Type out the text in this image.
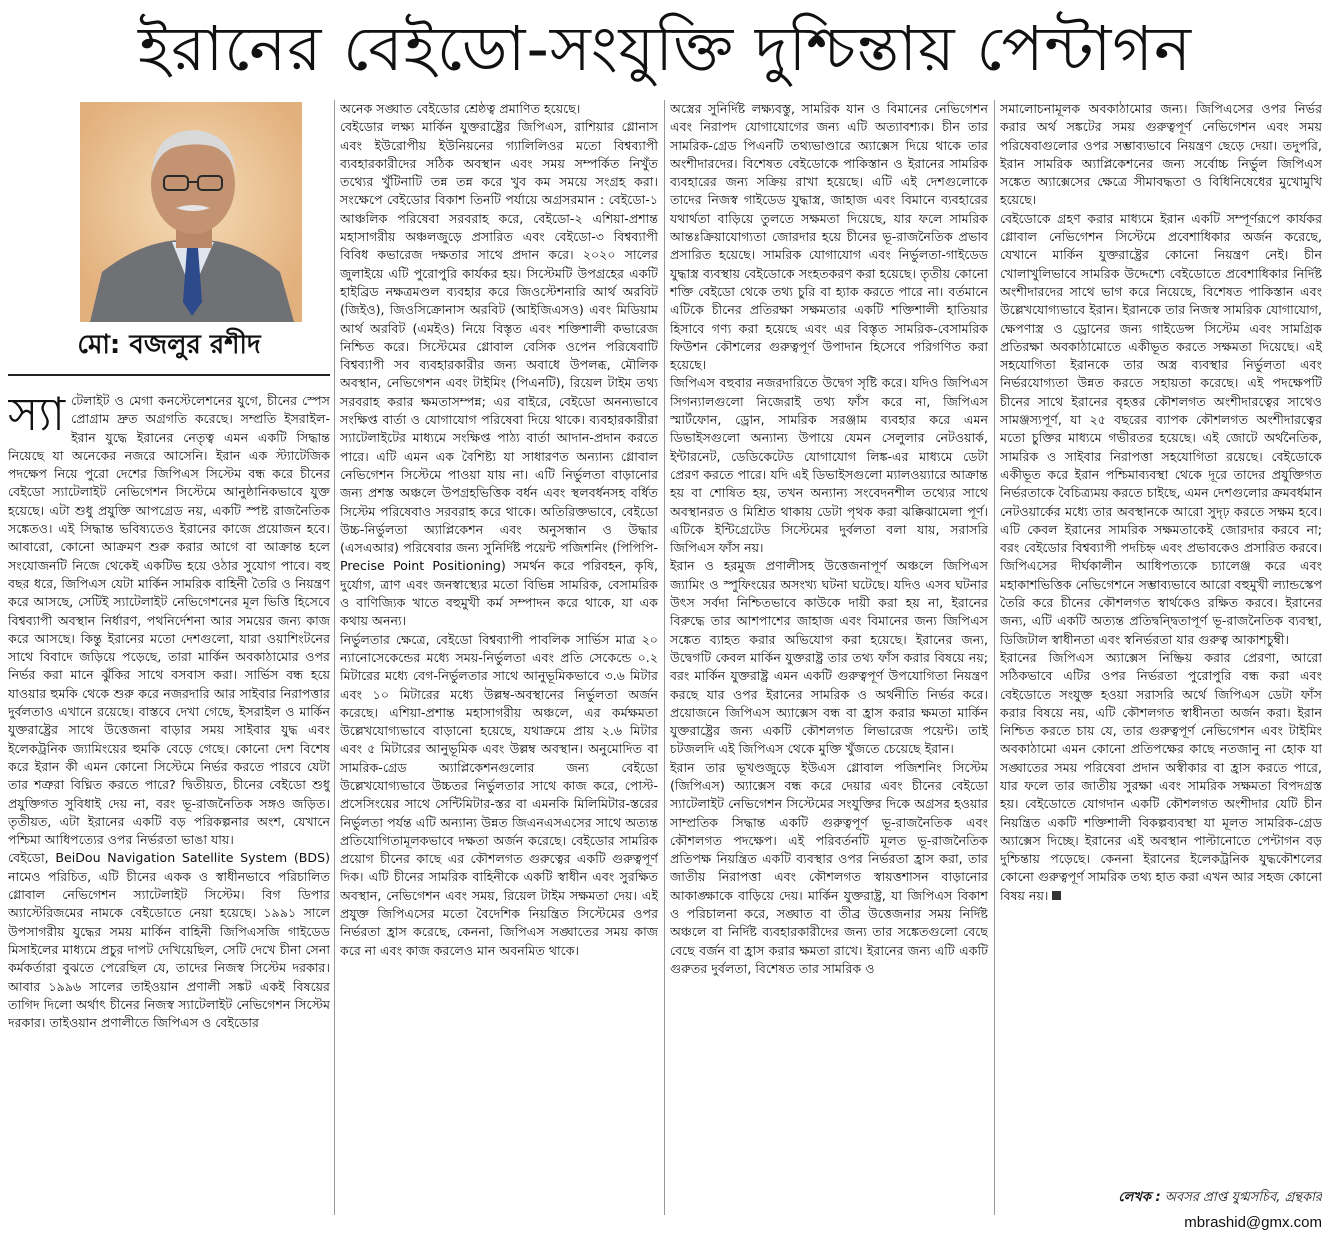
ইরানের বেইডো-সংযুক্তি দুশ্চিন্তায় পেন্টাগন
মো: বজলুর রশীদ

স্যা টেলাইট ও মেগা কনস্টেলেশনের যুগে, চীনের স্পেস প্রোগ্রাম দ্রুত অগ্রগতি করেছে। সম্প্রতি ইসরাইল-ইরান যুদ্ধে ইরানের নেতৃত্ব এমন একটি সিদ্ধান্ত নিয়েছে যা অনেকের নজরে আসেনি। ইরান এক স্ট্যাটেজিক পদক্ষেপ নিয়ে পুরো দেশের জিপিএস সিস্টেম বন্ধ করে চীনের বেইডো স্যাটেলাইট নেভিগেশন সিস্টেমে আনুষ্ঠানিকভাবে যুক্ত হয়েছে। এটা শুধু প্রযুক্তি আপগ্রেড নয়, একটি স্পষ্ট রাজনৈতিক সঙ্কেতও। এই সিদ্ধান্ত ভবিষ্যতেও ইরানের কাজে প্রয়োজন হবে। আবারো, কোনো আক্রমণ শুরু করার আগে বা আক্রান্ত হলে সংযোজনটি নিজে থেকেই একটিভ হয়ে ওঠার সুযোগ পাবে। বহু বছর ধরে, জিপিএস যেটা মার্কিন সামরিক বাহিনী তৈরি ও নিয়ন্ত্রণ করে আসছে, সেটিই স্যাটেলাইট নেভিগেশনের মূল ভিত্তি হিসেবে বিশ্বব্যাপী অবস্থান নির্ধারণ, পথনির্দেশনা আর সময়ের জন্য কাজ করে আসছে। কিন্তু ইরানের মতো দেশগুলো, যারা ওয়াশিংটনের সাথে বিবাদে জড়িয়ে পড়েছে, তারা মার্কিন অবকাঠামোর ওপর নির্ভর করা মানে ঝুঁকির সাথে বসবাস করা। সার্ভিস বন্ধ হয়ে যাওয়ার হুমকি থেকে শুরু করে নজরদারি আর সাইবার নিরাপত্তার দুর্বলতাও এখানে রয়েছে। বাস্তবে দেখা গেছে, ইসরাইল ও মার্কিন যুক্তরাষ্ট্রের সাথে উত্তেজনা বাড়ার সময় সাইবার যুদ্ধ এবং ইলেকট্রনিক জ্যামিংয়ের হুমকি বেড়ে গেছে। কোনো দেশ বিশেষ করে ইরান কী এমন কোনো সিস্টেমে নির্ভর করতে পারবে যেটা তার শত্রুরা বিঘ্নিত করতে পারে? দ্বিতীয়ত, চীনের বেইডো শুধু প্রযুক্তিগত সুবিধাই দেয় না, বরং ভূ-রাজনৈতিক সঙ্গও জড়িত। তৃতীয়ত, এটা ইরানের একটি বড় পরিকল্পনার অংশ, যেখানে পশ্চিমা আধিপত্যের ওপর নির্ভরতা ভাঙা যায়।

বেইডো, BeiDou Navigation Satellite System (BDS) নামেও পরিচিত, এটি চীনের একক ও স্বাধীনভাবে পরিচালিত গ্লোবাল নেভিগেশন স্যাটেলাইট সিস্টেম। বিগ ডিপার অ্যাস্টেরিজমের নামকে বেইডোতে নেয়া হয়েছে। ১৯৯১ সালে উপসাগরীয় যুদ্ধের সময় মার্কিন বাহিনী জিপিএসজি গাইডেড মিসাইলের মাধ্যমে প্রচুর দাপট দেখিয়েছিল, সেটি দেখে চীনা সেনা কর্মকর্তারা বুঝতে পেরেছিল যে, তাদের নিজস্ব সিস্টেম দরকার। আবার ১৯৯৬ সালের তাইওয়ান প্রণালী সঙ্কট একই বিষয়ের তাগিদ দিলো অর্থাৎ চীনের নিজস্ব স্যাটেলাইট নেভিগেশন সিস্টেম দরকার। তাইওয়ান প্রণালীতে জিপিএস ও বেইডোর

অনেক সঙ্ঘাত বেইডোর শ্রেষ্ঠত্ব প্রমাণিত হয়েছে।

বেইডোর লক্ষ্য মার্কিন যুক্তরাষ্ট্রের জিপিএস, রাশিয়ার গ্লোনাস এবং ইউরোপীয় ইউনিয়নের গ্যালিলিওর মতো বিশ্বব্যাপী ব্যবহারকারীদের সঠিক অবস্থান এবং সময় সম্পর্কিত নিখুঁত তথ্যের খুঁটিনাটি তন্ন তন্ন করে খুব কম সময়ে সংগ্রহ করা। সংক্ষেপে বেইডোর বিকাশ তিনটি পর্যায়ে অগ্রসরমান : বেইডো-১ আঞ্চলিক পরিষেবা সরবরাহ করে, বেইডো-২ এশিয়া-প্রশান্ত মহাসাগরীয় অঞ্চলজুড়ে প্রসারিত এবং বেইডো-৩ বিশ্বব্যাপী বিবিধ কভারেজ দক্ষতার সাথে প্রদান করে। ২০২০ সালের জুলাইয়ে এটি পুরোপুরি কার্যকর হয়। সিস্টেমটি উপগ্রহের একটি হাইব্রিড নক্ষত্রমণ্ডল ব্যবহার করে জিওস্টেশনারি আর্থ অরবিট (জিইও), জিওসিক্রোনাস অরবিট (আইজিএসও) এবং মিডিয়াম আর্থ অরবিট (এমইও) নিয়ে বিস্তৃত এবং শক্তিশালী কভারেজ নিশ্চিত করে। সিস্টেমের গ্লোবাল বেসিক ওপেন পরিষেবাটি বিশ্বব্যাপী সব ব্যবহারকারীর জন্য অবাধে উপলব্ধ, মৌলিক অবস্থান, নেভিগেশন এবং টাইমিং (পিএনটি), রিয়েল টাইম তথ্য সরবরাহ করার ক্ষমতাসম্পন্ন; এর বাইরে, বেইডো অনন্যভাবে সংক্ষিপ্ত বার্তা ও যোগাযোগ পরিষেবা দিয়ে থাকে। ব্যবহারকারীরা স্যাটেলাইটের মাধ্যমে সংক্ষিপ্ত পাঠ্য বার্তা আদান-প্রদান করতে পারে। এটি এমন এক বৈশিষ্ট্য যা সাধারণত অন্যান্য গ্লোবাল নেভিগেশন সিস্টেমে পাওয়া যায় না। এটি নির্ভুলতা বাড়ানোর জন্য প্রশস্ত অঞ্চলে উপগ্রহভিত্তিক বর্ধন এবং স্থলবর্ধনসহ বর্ধিত সিস্টেম পরিষেবাও সরবরাহ করে থাকে। অতিরিক্তভাবে, বেইডো উচ্চ-নির্ভুলতা অ্যাপ্লিকেশন এবং অনুসন্ধান ও উদ্ধার (এসএআর) পরিষেবার জন্য সুনির্দিষ্ট পয়েন্ট পজিশনিং (পিপিপি-Precise Point Positioning) সমর্থন করে পরিবহন, কৃষি, দুর্যোগ, ত্রাণ এবং জনস্বাস্থ্যের মতো বিভিন্ন সামরিক, বেসামরিক ও বাণিজ্যিক খাতে বহুমুখী কর্ম সম্পাদন করে থাকে, যা এক কথায় অনন্য।

নির্ভুলতার ক্ষেত্রে, বেইডো বিশ্বব্যাপী পাবলিক সার্ভিস মাত্র ২০ ন্যানোসেকেন্ডের মধ্যে সময়-নির্ভুলতা এবং প্রতি সেকেন্ডে ০.২ মিটারের মধ্যে বেগ-নির্ভুলতার সাথে আনুভূমিকভাবে ৩.৬ মিটার এবং ১০ মিটারের মধ্যে উল্লম্ব-অবস্থানের নির্ভুলতা অর্জন করেছে। এশিয়া-প্রশান্ত মহাসাগরীয় অঞ্চলে, এর কর্মক্ষমতা উল্লেখযোগ্যভাবে বাড়ানো হয়েছে, যথাক্রমে প্রায় ২.৬ মিটার এবং ৫ মিটারের আনুভূমিক এবং উল্লম্ব অবস্থান। অনুমোদিত বা সামরিক-গ্রেড অ্যাপ্লিকেশনগুলোর জন্য বেইডো উল্লেখযোগ্যভাবে উচ্চতর নির্ভুলতার সাথে কাজ করে, পোস্ট-প্রসেসিংয়ের সাথে সেন্টিমিটার-স্তর বা এমনকি মিলিমিটার-স্তরের নির্ভুলতা পর্যন্ত এটি অন্যান্য উন্নত জিএনএসএসের সাথে অত্যন্ত প্রতিযোগিতামূলকভাবে দক্ষতা অর্জন করেছে। বেইডোর সামরিক প্রয়োগ চীনের কাছে এর কৌশলগত গুরুত্বের একটি গুরুত্বপূর্ণ দিক। এটি চীনের সামরিক বাহিনীকে একটি স্বাধীন এবং সুরক্ষিত অবস্থান, নেভিগেশন এবং সময়, রিয়েল টাইম সক্ষমতা দেয়। এই প্রযুক্ত জিপিএসের মতো বৈদেশিক নিয়ন্ত্রিত সিস্টেমের ওপর নির্ভরতা হ্রাস করেছে, কেননা, জিপিএস সঙ্ঘাতের সময় কাজ করে না এবং কাজ করলেও মান অবনমিত থাকে।

অস্ত্রের সুনির্দিষ্ট লক্ষ্যবস্তু, সামরিক যান ও বিমানের নেভিগেশন এবং নিরাপদ যোগাযোগের জন্য এটি অত্যাবশ্যক। চীন তার সামরিক-গ্রেড পিএনটি তথ্যভাণ্ডারে অ্যাক্সেস দিয়ে থাকে তার অংশীদারদের। বিশেষত বেইডোকে পাকিস্তান ও ইরানের সামরিক ব্যবহারের জন্য সক্রিয় রাখা হয়েছে। এটি এই দেশগুলোকে তাদের নিজস্ব গাইডেড যুদ্ধাস্ত্র, জাহাজ এবং বিমানে ব্যবহারের যথার্থতা বাড়িয়ে তুলতে সক্ষমতা দিয়েছে, যার ফলে সামরিক আন্তঃক্রিয়াযোগ্যতা জোরদার হয়ে চীনের ভূ-রাজনৈতিক প্রভাব প্রসারিত হয়েছে। সামরিক যোগাযোগ এবং নির্ভুলতা-গাইডেড যুদ্ধাস্ত্র ব্যবস্থায় বেইডোকে সংহতকরণ করা হয়েছে। তৃতীয় কোনো শক্তি বেইডো থেকে তথ্য চুরি বা হ্যাক করতে পারে না। বর্তমানে এটিকে চীনের প্রতিরক্ষা সক্ষমতার একটি শক্তিশালী হাতিয়ার হিসাবে গণ্য করা হয়েছে এবং এর বিস্তৃত সামরিক-বেসামরিক ফিউশন কৌশলের গুরুত্বপূর্ণ উপাদান হিসেবে পরিগণিত করা হয়েছে।

জিপিএস বহুবার নজরদারিতে উদ্বেগ সৃষ্টি করে। যদিও জিপিএস সিগন্যালগুলো নিজেরাই তথ্য ফাঁস করে না, জিপিএস স্মার্টফোন, ড্রোন, সামরিক সরঞ্জাম ব্যবহার করে এমন ডিভাইসগুলো অন্যান্য উপায়ে যেমন সেলুলার নেটওয়ার্ক, ইন্টারনেট, ডেডিকেটেড যোগাযোগ লিঙ্ক-এর মাধ্যমে ডেটা প্রেরণ করতে পারে। যদি এই ডিভাইসগুলো ম্যালওয়্যারে আক্রান্ত হয় বা শোষিত হয়, তখন অন্যান্য সংবেদনশীল তথ্যের সাথে অবস্থানরত ও মিশ্রিত থাকায় ডেটা পৃথক করা ঝক্কিঝামেলা পূর্ণ। এটিকে ইন্টিগ্রেটেড সিস্টেমের দুর্বলতা বলা যায়, সরাসরি জিপিএস ফাঁস নয়।

ইরান ও হরমুজ প্রণালীসহ উত্তেজনাপূর্ণ অঞ্চলে জিপিএস জ্যামিং ও স্পুফিংয়ের অসংখ্য ঘটনা ঘটেছে। যদিও এসব ঘটনার উৎস সর্বদা নিশ্চিতভাবে কাউকে দায়ী করা হয় না, ইরানের বিরুদ্ধে তার আশপাশের জাহাজ এবং বিমানের জন্য জিপিএস সঙ্কেত ব্যাহত করার অভিযোগ করা হয়েছে। ইরানের জন্য, উদ্বেগটি কেবল মার্কিন যুক্তরাষ্ট্র তার তথ্য ফাঁস করার বিষয়ে নয়; বরং মার্কিন যুক্তরাষ্ট্র এমন একটি গুরুত্বপূর্ণ উপযোগিতা নিয়ন্ত্রণ করছে যার ওপর ইরানের সামরিক ও অর্থনীতি নির্ভর করে। প্রয়োজনে জিপিএস অ্যাক্সেস বন্ধ বা হ্রাস করার ক্ষমতা মার্কিন যুক্তরাষ্ট্রের জন্য একটি কৌশলগত লিভারেজ পয়েন্ট। তাই চটজলদি এই জিপিএস থেকে মুক্তি খুঁজতে চেয়েছে ইরান।

ইরান তার ভূখণ্ডজুড়ে ইউএস গ্লোবাল পজিশনিং সিস্টেম (জিপিএস) অ্যাক্সেস বন্ধ করে দেয়ার এবং চীনের বেইডো স্যাটেলাইট নেভিগেশন সিস্টেমের সংযুক্তির দিকে অগ্রসর হওয়ার সাম্প্রতিক সিদ্ধান্ত একটি গুরুত্বপূর্ণ ভূ-রাজনৈতিক এবং কৌশলগত পদক্ষেপ। এই পরিবর্তনটি মূলত ভূ-রাজনৈতিক প্রতিপক্ষ নিয়ন্ত্রিত একটি ব্যবস্থার ওপর নির্ভরতা হ্রাস করা, তার জাতীয় নিরাপত্তা এবং কৌশলগত স্বায়ত্তশাসন বাড়ানোর আকাঙ্ক্ষাকে বাড়িয়ে দেয়। মার্কিন যুক্তরাষ্ট্র, যা জিপিএস বিকাশ ও পরিচালনা করে, সঙ্ঘাত বা তীব্র উত্তেজনার সময় নির্দিষ্ট অঞ্চলে বা নির্দিষ্ট ব্যবহারকারীদের জন্য তার সঙ্কেতগুলো বেছে বেছে বর্জন বা হ্রাস করার ক্ষমতা রাখে। ইরানের জন্য এটি একটি গুরুতর দুর্বলতা, বিশেষত তার সামরিক ও

সমালোচনামূলক অবকাঠামোর জন্য। জিপিএসের ওপর নির্ভর করার অর্থ সঙ্কটের সময় গুরুত্বপূর্ণ নেভিগেশন এবং সময় পরিষেবাগুলোর ওপর সম্ভাব্যভাবে নিয়ন্ত্রণ ছেড়ে দেয়া। তদুপরি, ইরান সামরিক অ্যাপ্লিকেশনের জন্য সর্বোচ্চ নির্ভুল জিপিএস সঙ্কেত অ্যাক্সেসের ক্ষেত্রে সীমাবদ্ধতা ও বিধিনিষেধের মুখোমুখি হয়েছে।

বেইডোকে গ্রহণ করার মাধ্যমে ইরান একটি সম্পূর্ণরূপে কার্যকর গ্লোবাল নেভিগেশন সিস্টেমে প্রবেশাধিকার অর্জন করেছে, যেখানে মার্কিন যুক্তরাষ্ট্রের কোনো নিয়ন্ত্রণ নেই। চীন খোলাখুলিভাবে সামরিক উদ্দেশ্যে বেইডোতে প্রবেশাধিকার নির্দিষ্ট অংশীদারদের সাথে ভাগ করে নিয়েছে, বিশেষত পাকিস্তান এবং উল্লেখযোগ্যভাবে ইরান। ইরানকে তার নিজস্ব সামরিক যোগাযোগ, ক্ষেপণাস্ত্র ও ড্রোনের জন্য গাইডেন্স সিস্টেম এবং সামগ্রিক প্রতিরক্ষা অবকাঠামোতে একীভূত করতে সক্ষমতা দিয়েছে। এই সহযোগিতা ইরানকে তার অস্ত্র ব্যবস্থার নির্ভুলতা এবং নির্ভরযোগ্যতা উন্নত করতে সহায়তা করেছে। এই পদক্ষেপটি চীনের সাথে ইরানের বৃহত্তর কৌশলগত অংশীদারত্বের সাথেও সামঞ্জস্যপূর্ণ, যা ২৫ বছরের ব্যাপক কৌশলগত অংশীদারত্বের মতো চুক্তির মাধ্যমে গভীরতর হয়েছে। এই জোটে অর্থনৈতিক, সামরিক ও সাইবার নিরাপত্তা সহযোগিতা রয়েছে। বেইডোকে একীভূত করে ইরান পশ্চিমাব্যবস্থা থেকে দূরে তাদের প্রযুক্তিগত নির্ভরতাকে বৈচিত্র্যময় করতে চাইছে, এমন দেশগুলোর ক্রমবর্ধমান নেটওয়ার্কের মধ্যে তার অবস্থানকে আরো সুদৃঢ় করতে সক্ষম হবে। এটি কেবল ইরানের সামরিক সক্ষমতাকেই জোরদার করবে না; বরং বেইডোর বিশ্বব্যাপী পদচিহ্ন এবং প্রভাবকেও প্রসারিত করবে। জিপিএসের দীর্ঘকালীন আধিপত্যকে চ্যালেঞ্জ করে এবং মহাকাশভিত্তিক নেভিগেশনে সম্ভাব্যভাবে আরো বহুমুখী ল্যান্ডস্কেপ তৈরি করে চীনের কৌশলগত স্বার্থকেও রক্ষিত করবে। ইরানের জন্য, এটি একটি অত্যন্ত প্রতিদ্বন্দ্বিতাপূর্ণ ভূ-রাজনৈতিক ব্যবস্থা, ডিজিটাল স্বাধীনতা এবং স্বনির্ভরতা যার গুরুত্ব আকাশচুম্বী।

ইরানের জিপিএস অ্যাক্সেস নিষ্ক্রিয় করার প্রেরণা, আরো সঠিকভাবে এটির ওপর নির্ভরতা পুরোপুরি বন্ধ করা এবং বেইডোতে সংযুক্ত হওয়া সরাসরি অর্থে জিপিএস ডেটা ফাঁস করার বিষয়ে নয়, এটি কৌশলগত স্বাধীনতা অর্জন করা। ইরান নিশ্চিত করতে চায় যে, তার গুরুত্বপূর্ণ নেভিগেশন এবং টাইমিং অবকাঠামো এমন কোনো প্রতিপক্ষের কাছে নতজানু না হোক যা সঙ্ঘাতের সময় পরিষেবা প্রদান অস্বীকার বা হ্রাস করতে পারে, যার ফলে তার জাতীয় সুরক্ষা এবং সামরিক সক্ষমতা বিপদগ্রস্ত হয়। বেইডোতে যোগদান একটি কৌশলগত অংশীদার যেটি চীন নিয়ন্ত্রিত একটি শক্তিশালী বিকল্পব্যবস্থা যা মূলত সামরিক-গ্রেড অ্যাক্সেস দিচ্ছে। ইরানের এই অবস্থান পাল্টানোতে পেন্টাগন বড় দুশ্চিন্তায় পড়েছে। কেননা ইরানের ইলেকট্রনিক যুদ্ধকৌশলের কোনো গুরুত্বপূর্ণ সামরিক তথ্য হাত করা এখন আর সহজ কোনো বিষয় নয়।

লেখক : অবসর প্রাপ্ত যুগ্মসচিব, গ্রন্থকার
mbrashid@gmx.com
